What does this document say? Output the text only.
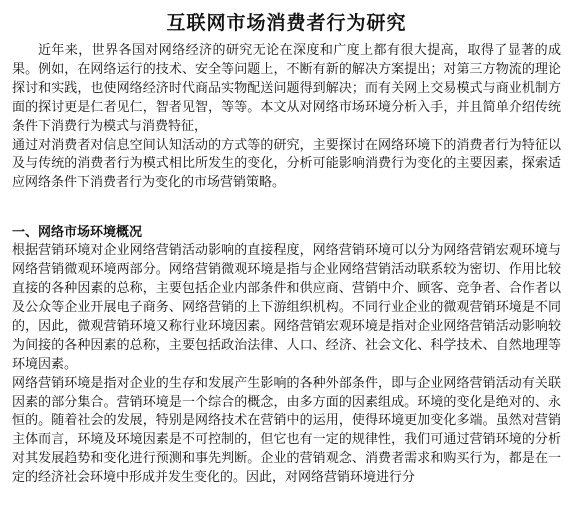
互联网市场消费者行为研究

近年来，世界各国对网络经济的研究无论在深度和广度上都有很大提高，取得了显著的成果。例如，在网络运行的技术、安全等问题上，不断有新的解决方案提出；对第三方物流的理论探讨和实践，也使网络经济时代商品实物配送问题得到解决；而有关网上交易模式与商业机制方面的探讨更是仁者见仁，智者见智，等等。本文从对网络市场环境分析入手，并且简单介绍传统条件下消费行为模式与消费特征，

通过对消费者对信息空间认知活动的方式等的研究，主要探讨在网络环境下的消费者行为特征以及与传统的消费者行为模式相比所发生的变化，分析可能影响消费行为变化的主要因素，探索适应网络条件下消费者行为变化的市场营销策略。

一、网络市场环境概况

根据营销环境对企业网络营销活动影响的直接程度，网络营销环境可以分为网络营销宏观环境与网络营销微观环境两部分。网络营销微观环境是指与企业网络营销活动联系较为密切、作用比较直接的各种因素的总称，主要包括企业内部条件和供应商、营销中介、顾客、竞争者、合作者以及公众等企业开展电子商务、网络营销的上下游组织机构。不同行业企业的微观营销环境是不同的，因此，微观营销环境又称行业环境因素。网络营销宏观环境是指对企业网络营销活动影响较为间接的各种因素的总称，主要包括政治法律、人口、经济、社会文化、科学技术、自然地理等环境因素。

网络营销环境是指对企业的生存和发展产生影响的各种外部条件，即与企业网络营销活动有关联因素的部分集合。营销环境是一个综合的概念，由多方面的因素组成。环境的变化是绝对的、永恒的。随着社会的发展，特别是网络技术在营销中的运用，使得环境更加变化多端。虽然对营销主体而言，环境及环境因素是不可控制的，但它也有一定的规律性，我们可通过营销环境的分析对其发展趋势和变化进行预测和事先判断。企业的营销观念、消费者需求和购买行为，都是在一定的经济社会环境中形成并发生变化的。因此，对网络营销环境进行分
